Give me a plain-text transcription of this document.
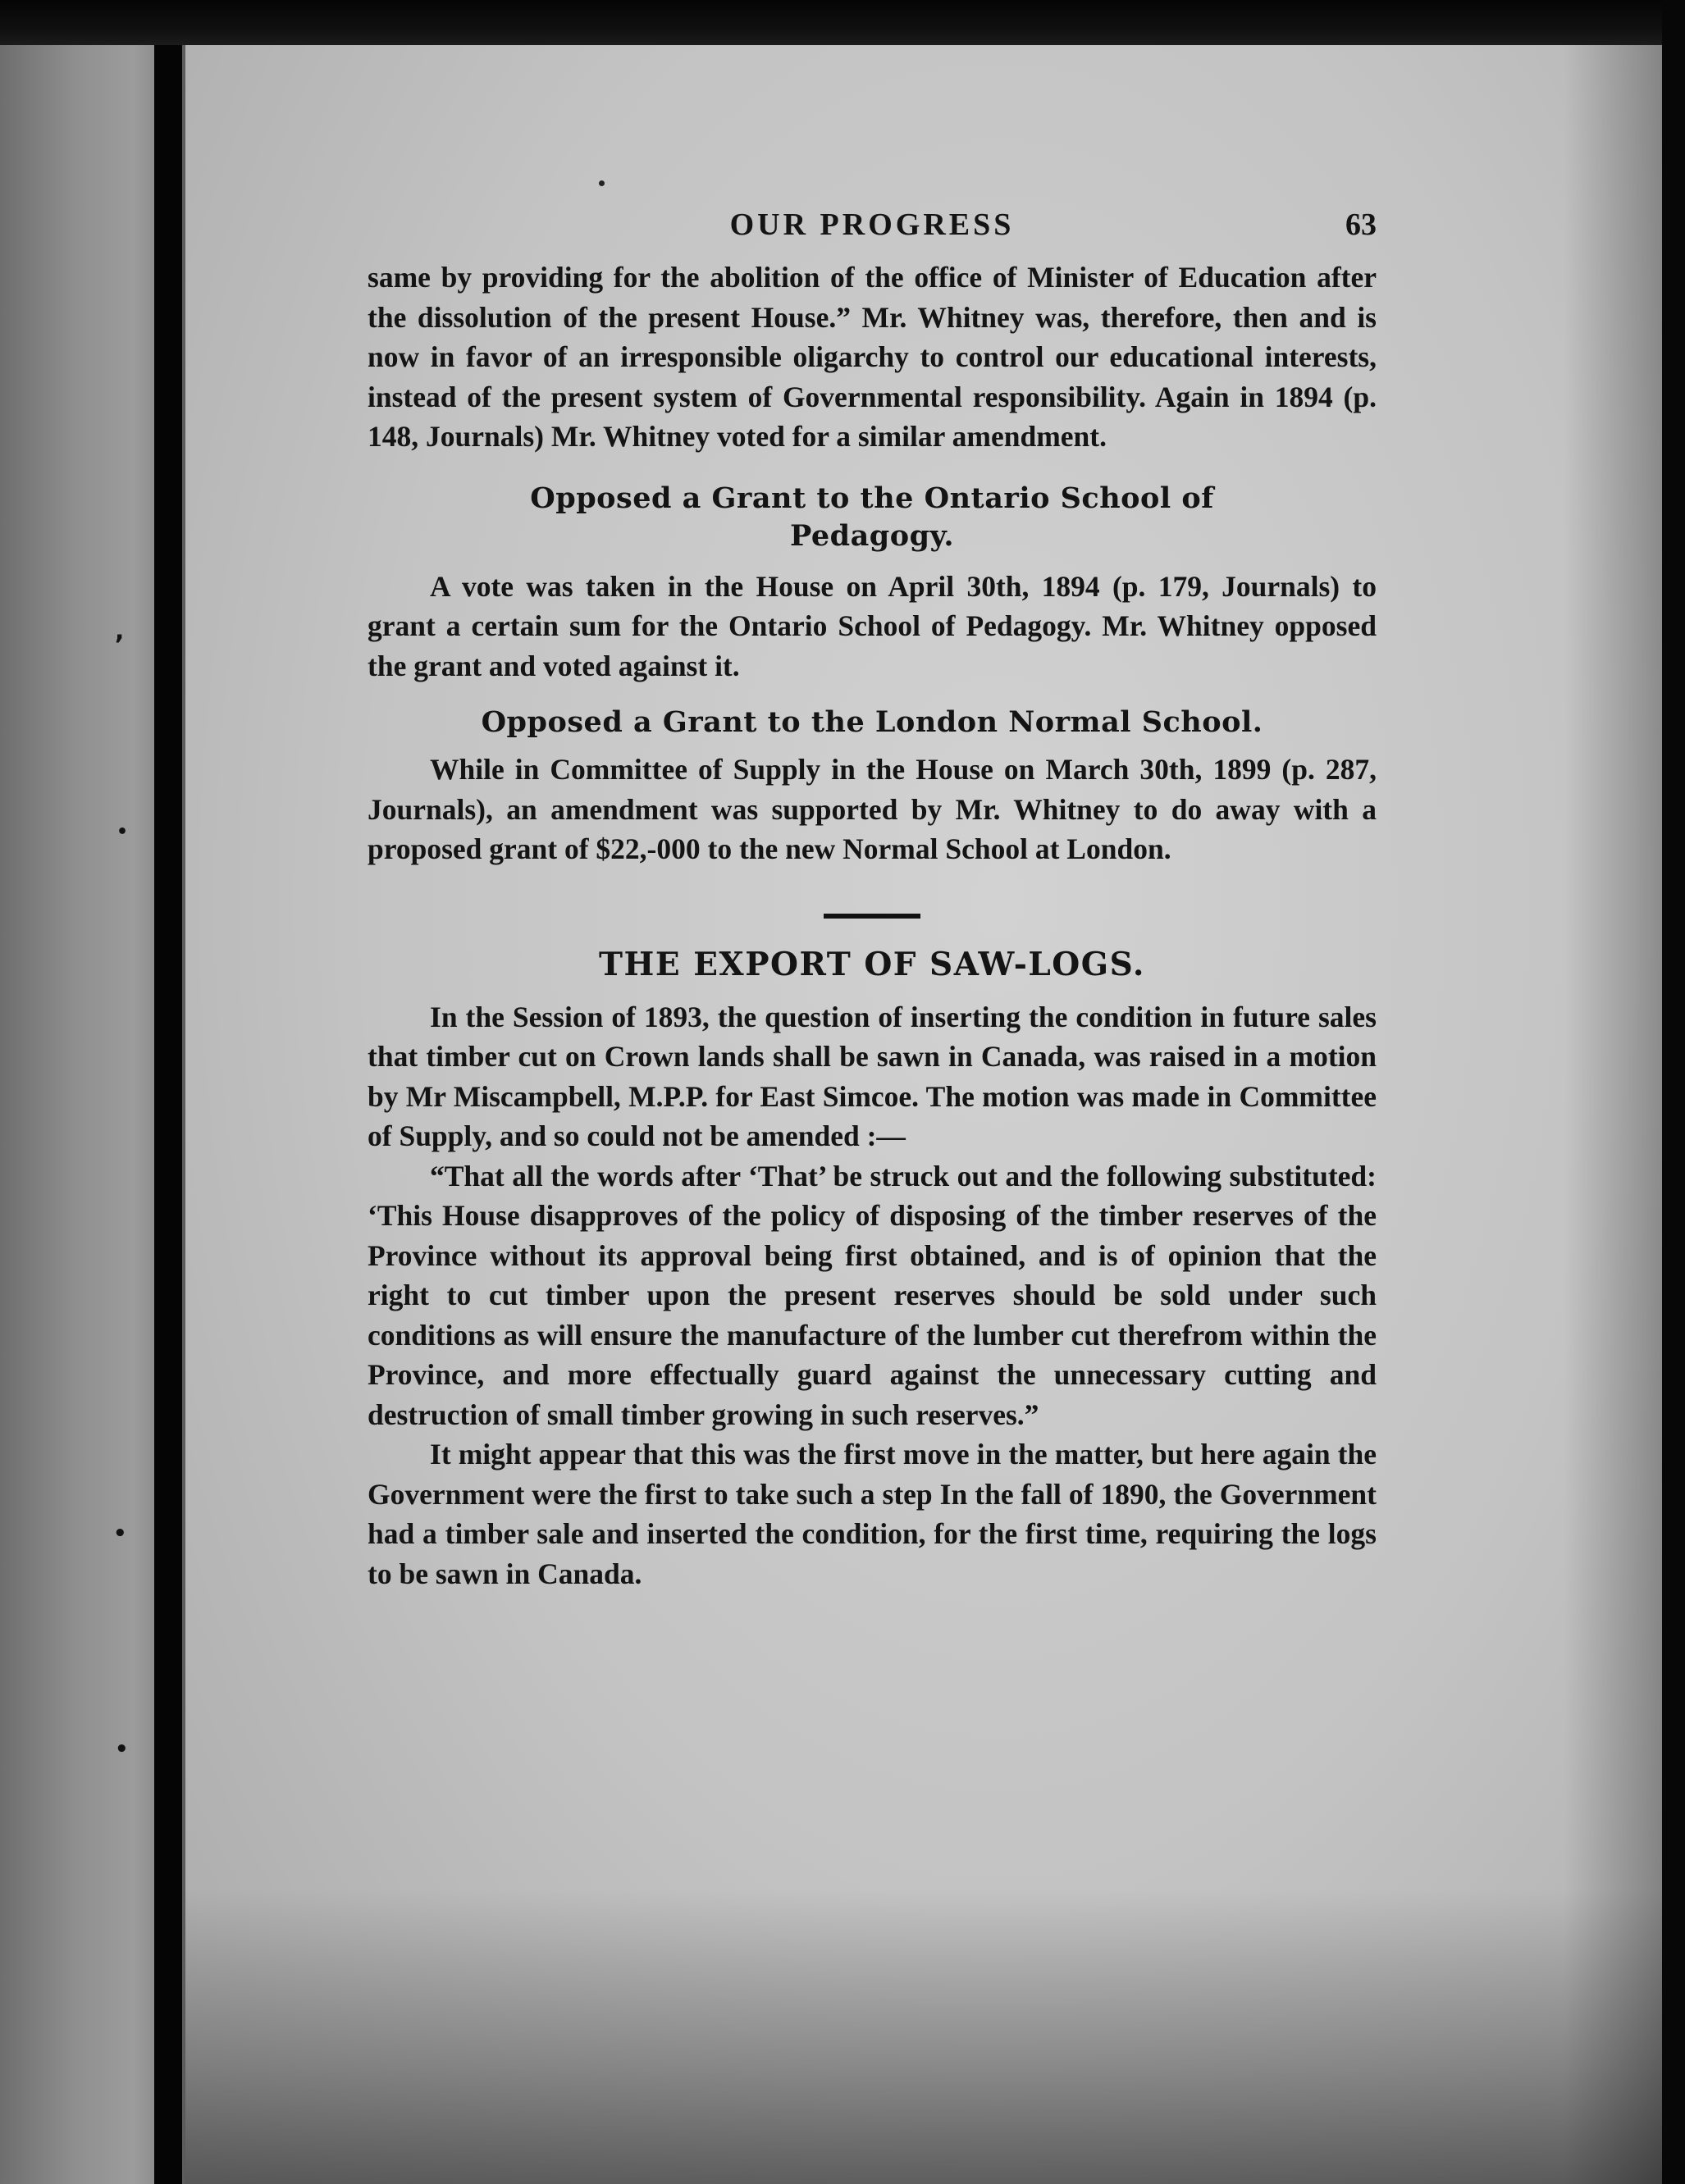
,
•
•
•
OUR PROGRESS	63

same by providing for the abolition of the office of Minister of Education after the dissolution of the present House.” Mr. Whitney was, therefore, then and is now in favor of an irresponsible oligarchy to control our educational interests, instead of the present system of Governmental responsibility. Again in 1894 (p. 148, Journals) Mr. Whitney voted for a similar amendment.

Opposed a Grant to the Ontario School of
Pedagogy.

A vote was taken in the House on April 30th, 1894 (p. 179, Journals) to grant a certain sum for the Ontario School of Pedagogy. Mr. Whitney opposed the grant and voted against it.

Opposed a Grant to the London Normal School.

While in Committee of Supply in the House on March 30th, 1899 (p. 287, Journals), an amendment was supported by Mr. Whitney to do away with a proposed grant of $22,-000 to the new Normal School at London.

THE EXPORT OF SAW-LOGS.

In the Session of 1893, the question of inserting the condition in future sales that timber cut on Crown lands shall be sawn in Canada, was raised in a motion by Mr Miscampbell, M.P.P. for East Simcoe. The motion was made in Committee of Supply, and so could not be amended :—

“That all the words after ‘That’ be struck out and the following substituted: ‘This House disapproves of the policy of disposing of the timber reserves of the Province without its approval being first obtained, and is of opinion that the right to cut timber upon the present reserves should be sold under such conditions as will ensure the manufacture of the lumber cut therefrom within the Province, and more effectually guard against the unnecessary cutting and destruction of small timber growing in such reserves.”

It might appear that this was the first move in the matter, but here again the Government were the first to take such a step In the fall of 1890, the Government had a timber sale and inserted the condition, for the first time, requiring the logs to be sawn in Canada.
